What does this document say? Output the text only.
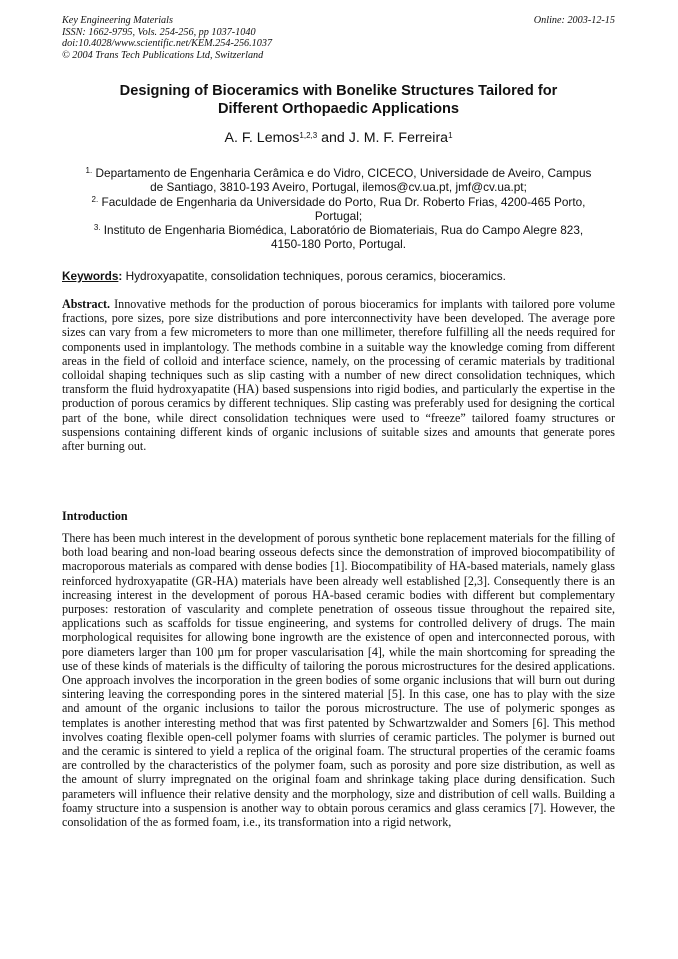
Key Engineering Materials
ISSN: 1662-9795, Vols. 254-256, pp 1037-1040
doi:10.4028/www.scientific.net/KEM.254-256.1037
© 2004 Trans Tech Publications Ltd, Switzerland
Online: 2003-12-15
Designing of Bioceramics with Bonelike Structures Tailored for
Different Orthopaedic Applications
A. F. Lemos$^{1,2,3}$ and J. M. F. Ferreira$^1$
$^{1.}$ Departamento de Engenharia Cerâmica e do Vidro, CICECO, Universidade de Aveiro, Campus
de Santiago, 3810-193 Aveiro, Portugal, ilemos@cv.ua.pt, jmf@cv.ua.pt;
$^{2.}$ Faculdade de Engenharia da Universidade do Porto, Rua Dr. Roberto Frias, 4200-465 Porto,
Portugal;
$^{3.}$ Instituto de Engenharia Biomédica, Laboratório de Biomateriais, Rua do Campo Alegre 823,
4150-180 Porto, Portugal.
Keywords: Hydroxyapatite, consolidation techniques, porous ceramics, bioceramics.
Abstract. Innovative methods for the production of porous bioceramics for implants with tailored pore volume fractions, pore sizes, pore size distributions and pore interconnectivity have been developed. The average pore sizes can vary from a few micrometers to more than one millimeter, therefore fulfilling all the needs required for components used in implantology. The methods combine in a suitable way the knowledge coming from different areas in the field of colloid and interface science, namely, on the processing of ceramic materials by traditional colloidal shaping techniques such as slip casting with a number of new direct consolidation techniques, which transform the fluid hydroxyapatite (HA) based suspensions into rigid bodies, and particularly the expertise in the production of porous ceramics by different techniques. Slip casting was preferably used for designing the cortical part of the bone, while direct consolidation techniques were used to “freeze” tailored foamy structures or suspensions containing different kinds of organic inclusions of suitable sizes and amounts that generate pores after burning out.
Introduction
There has been much interest in the development of porous synthetic bone replacement materials for the filling of both load bearing and non-load bearing osseous defects since the demonstration of improved biocompatibility of macroporous materials as compared with dense bodies [1]. Biocompatibility of HA-based materials, namely glass reinforced hydroxyapatite (GR-HA) materials have been already well established [2,3]. Consequently there is an increasing interest in the development of porous HA-based ceramic bodies with different but complementary purposes: restoration of vascularity and complete penetration of osseous tissue throughout the repaired site, applications such as scaffolds for tissue engineering, and systems for controlled delivery of drugs. The main morphological requisites for allowing bone ingrowth are the existence of open and interconnected porous, with pore diameters larger than 100 µm for proper vascularisation [4], while the main shortcoming for spreading the use of these kinds of materials is the difficulty of tailoring the porous microstructures for the desired applications. One approach involves the incorporation in the green bodies of some organic inclusions that will burn out during sintering leaving the corresponding pores in the sintered material [5]. In this case, one has to play with the size and amount of the organic inclusions to tailor the porous microstructure. The use of polymeric sponges as templates is another interesting method that was first patented by Schwartzwalder and Somers [6]. This method involves coating flexible open-cell polymer foams with slurries of ceramic particles. The polymer is burned out and the ceramic is sintered to yield a replica of the original foam. The structural properties of the ceramic foams are controlled by the characteristics of the polymer foam, such as porosity and pore size distribution, as well as the amount of slurry impregnated on the original foam and shrinkage taking place during densification. Such parameters will influence their relative density and the morphology, size and distribution of cell walls. Building a foamy structure into a suspension is another way to obtain porous ceramics and glass ceramics [7]. However, the consolidation of the as formed foam, i.e., its transformation into a rigid network,
